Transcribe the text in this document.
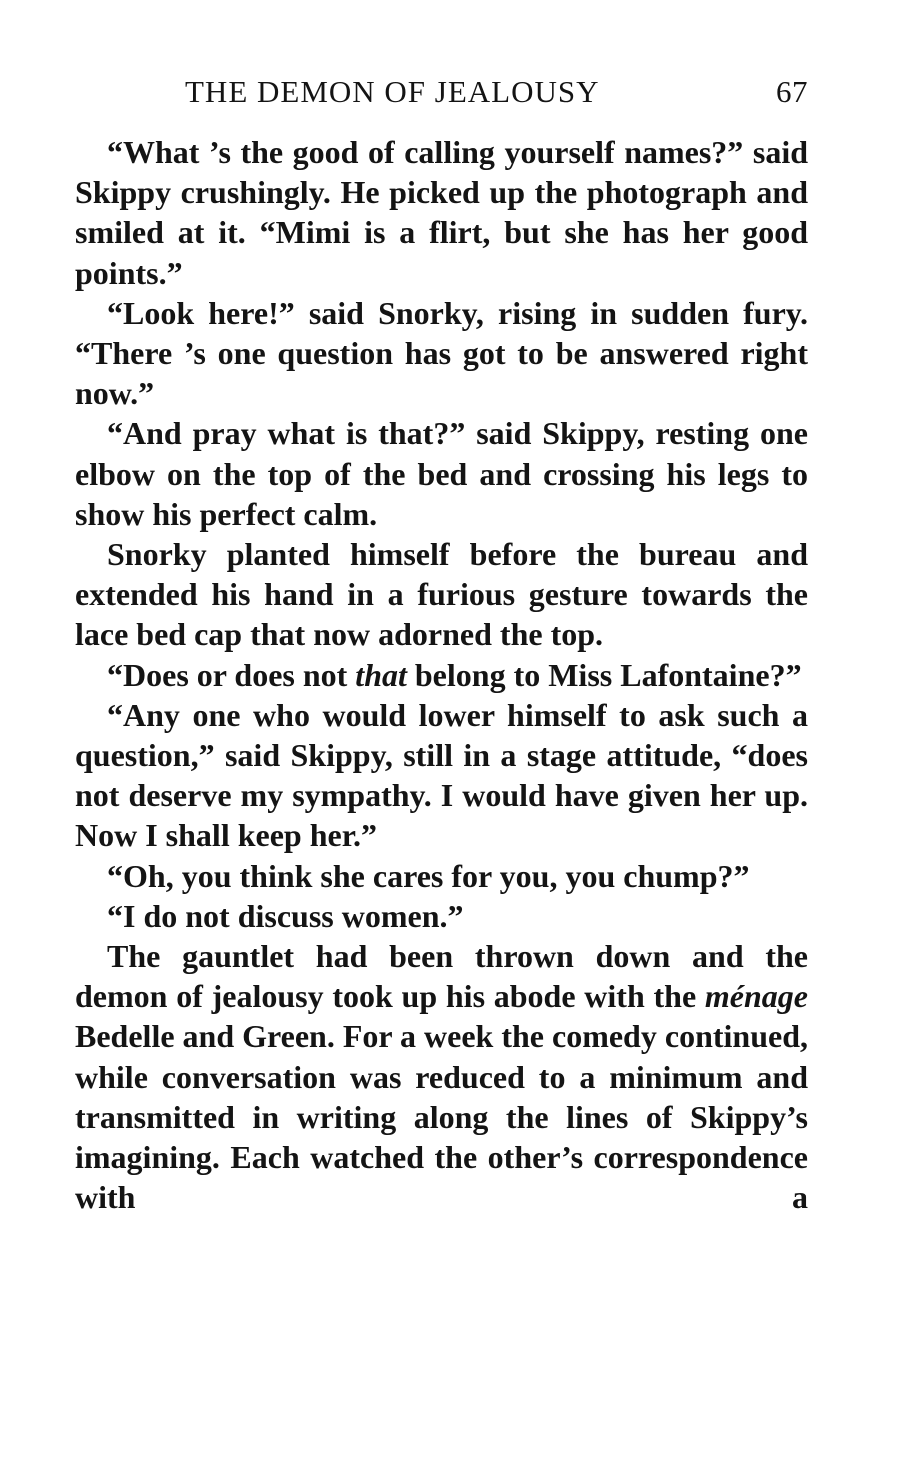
THE DEMON OF JEALOUSY	67

“What ’s the good of calling yourself names?” said Skippy crushingly. He picked up the photograph and smiled at it. “Mimi is a flirt, but she has her good points.”

“Look here!” said Snorky, rising in sudden fury. “There ’s one question has got to be answered right now.”

“And pray what is that?” said Skippy, resting one elbow on the top of the bed and crossing his legs to show his perfect calm.

Snorky planted himself before the bureau and extended his hand in a furious gesture towards the lace bed cap that now adorned the top.

“Does or does not that belong to Miss Lafontaine?”

“Any one who would lower himself to ask such a question,” said Skippy, still in a stage attitude, “does not deserve my sympathy. I would have given her up. Now I shall keep her.”

“Oh, you think she cares for you, you chump?”

“I do not discuss women.”

The gauntlet had been thrown down and the demon of jealousy took up his abode with the ménage Bedelle and Green. For a week the comedy continued, while conversation was reduced to a minimum and transmitted in writing along the lines of Skippy’s imagining. Each watched the other’s correspondence with a
